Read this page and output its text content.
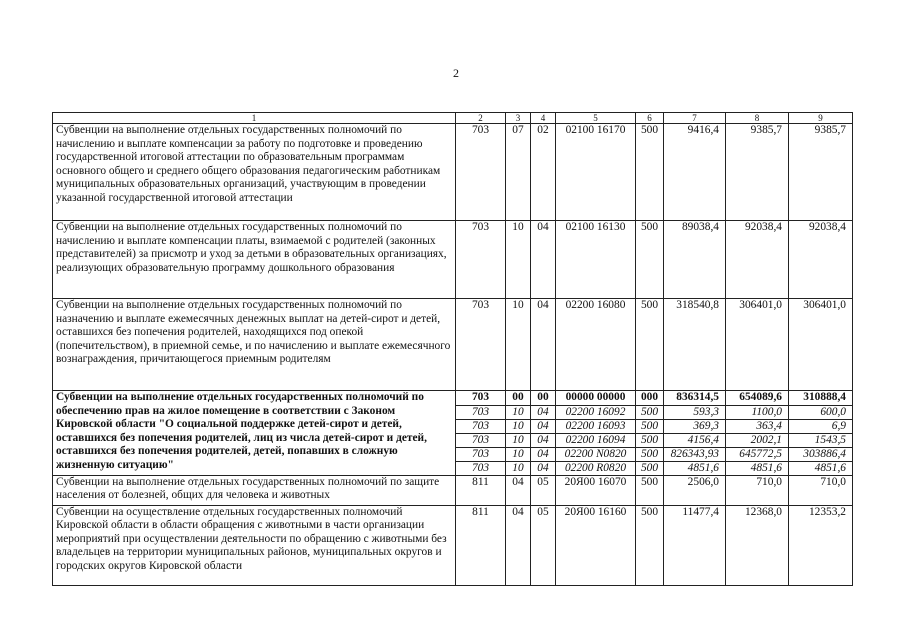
2
1	2	3	4	5	6	7	8	9
Субвенции на выполнение отдельных государственных полномочий по начислению и выплате компенсации за работу по подготовке и проведению государственной итоговой аттестации по образовательным программам основного общего и среднего общего образования педагогическим работникам муниципальных образовательных организаций, участвующим в проведении указанной государственной итоговой аттестации	703	07	02	02100 16170	500	9416,4	9385,7	9385,7
Субвенции на выполнение отдельных государственных полномочий по начислению и выплате компенсации платы, взимаемой с родителей (законных представителей) за присмотр и уход за детьми в образовательных организациях, реализующих образовательную программу дошкольного образования	703	10	04	02100 16130	500	89038,4	92038,4	92038,4
Субвенции на выполнение отдельных государственных полномочий по назначению и выплате ежемесячных денежных выплат на детей-сирот и детей, оставшихся без попечения родителей, находящихся под опекой (попечительством), в приемной семье, и по начислению и выплате ежемесячного вознаграждения, причитающегося приемным родителям	703	10	04	02200 16080	500	318540,8	306401,0	306401,0
Субвенции на выполнение отдельных государственных полномочий по обеспечению прав на жилое помещение в соответствии с Законом Кировской области "О социальной поддержке детей-сирот и детей, оставшихся без попечения родителей, лиц из числа детей-сирот и детей, оставшихся без попечения родителей, детей, попавших в сложную жизненную ситуацию"	703	00	00	00000 00000	000	836314,5	654089,6	310888,4
	703	10	04	02200 16092	500	593,3	1100,0	600,0
	703	10	04	02200 16093	500	369,3	363,4	6,9
	703	10	04	02200 16094	500	4156,4	2002,1	1543,5
	703	10	04	02200 N0820	500	826343,93	645772,5	303886,4
	703	10	04	02200 R0820	500	4851,6	4851,6	4851,6
Субвенции на выполнение отдельных государственных полномочий по защите населения от болезней, общих для человека и животных	811	04	05	20Я00 16070	500	2506,0	710,0	710,0
Субвенции на осуществление отдельных государственных полномочий Кировской области в области обращения с животными в части организации мероприятий при осуществлении деятельности по обращению с животными без владельцев на территории муниципальных районов, муниципальных округов и городских округов Кировской области	811	04	05	20Я00 16160	500	11477,4	12368,0	12353,2
